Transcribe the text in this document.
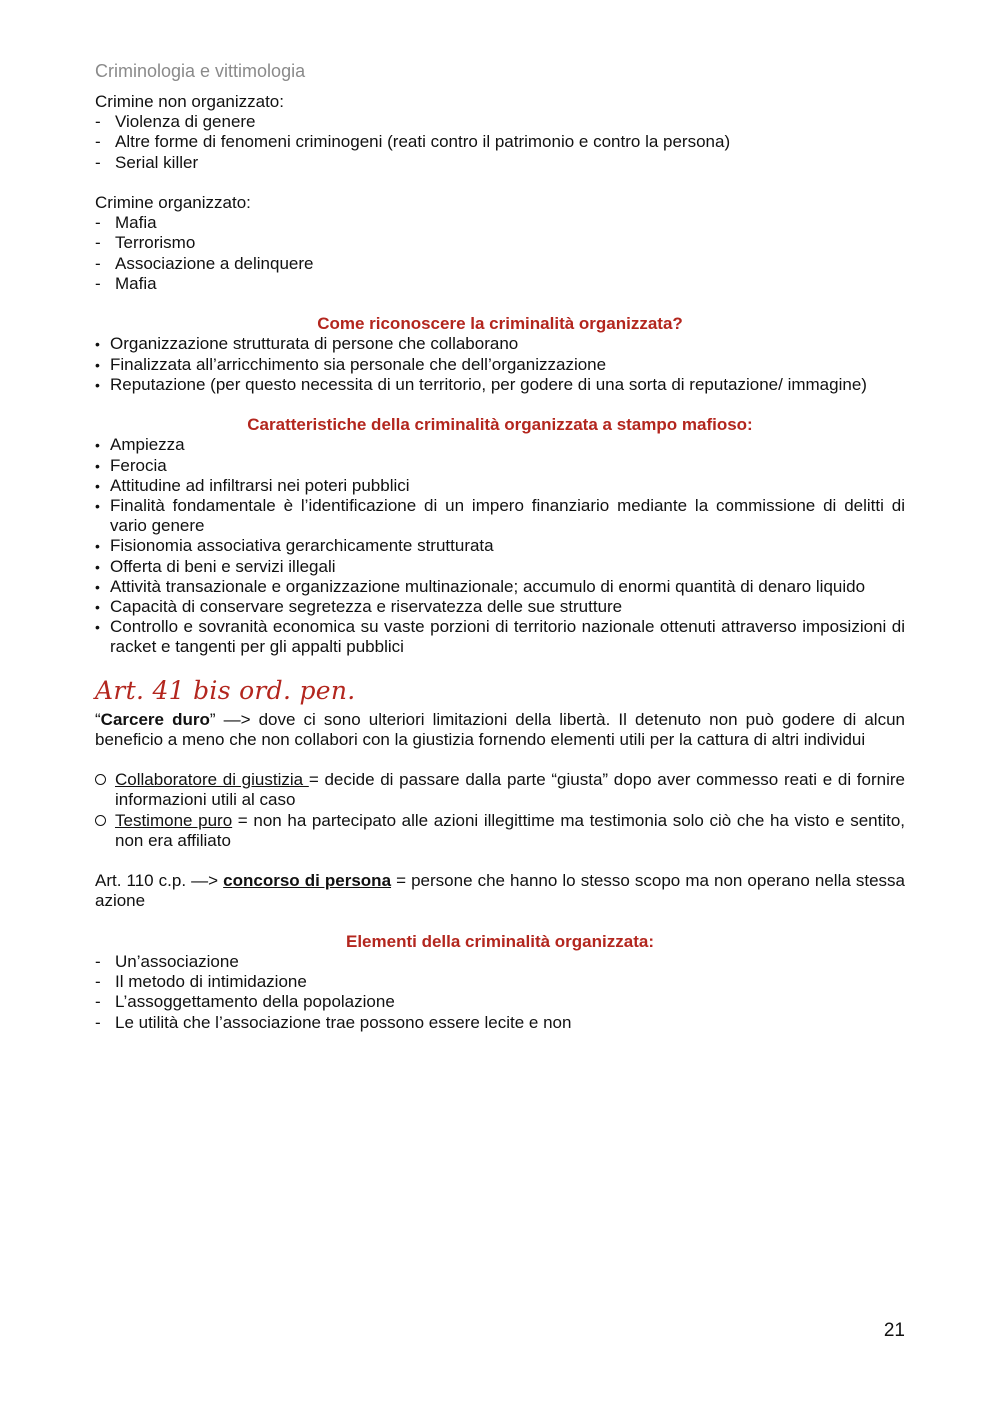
Criminologia e vittimologia

Crimine non organizzato:

- Violenza di genere
- Altre forme di fenomeni criminogeni (reati contro il patrimonio e contro la persona)
- Serial killer

Crimine organizzato:

- Mafia
- Terrorismo
- Associazione a delinquere
- Mafia

Come riconoscere la criminalità organizzata?

• Organizzazione strutturata di persone che collaborano
• Finalizzata all’arricchimento sia personale che dell’organizzazione
• Reputazione (per questo necessita di un territorio, per godere di una sorta di reputazione/ immagine)

Caratteristiche della criminalità organizzata a stampo mafioso:

• Ampiezza
• Ferocia
• Attitudine ad infiltrarsi nei poteri pubblici
• Finalità fondamentale è l’identificazione di un impero finanziario mediante la commissione di delitti di vario genere
• Fisionomia associativa gerarchicamente strutturata
• Offerta di beni e servizi illegali
• Attività transazionale e organizzazione multinazionale; accumulo di enormi quantità di denaro liquido
• Capacità di conservare segretezza e riservatezza delle sue strutture
• Controllo e sovranità economica su vaste porzioni di territorio nazionale ottenuti attraverso imposizioni di racket e tangenti per gli appalti pubblici
Art. 41 bis ord. pen.

“Carcere duro” —> dove ci sono ulteriori limitazioni della libertà. Il detenuto non può godere di alcun beneficio a meno che non collabori con la giustizia fornendo elementi utili per la cattura di altri individui

Collaboratore di giustizia = decide di passare dalla parte “giusta” dopo aver commesso reati e di fornire informazioni utili al caso
Testimone puro = non ha partecipato alle azioni illegittime ma testimonia solo ciò che ha visto e sentito, non era affiliato

Art. 110 c.p. —> concorso di persona = persone che hanno lo stesso scopo ma non operano nella stessa azione

Elementi della criminalità organizzata:

- Un’associazione
- Il metodo di intimidazione
- L’assoggettamento della popolazione
- Le utilità che l’associazione trae possono essere lecite e non
21
